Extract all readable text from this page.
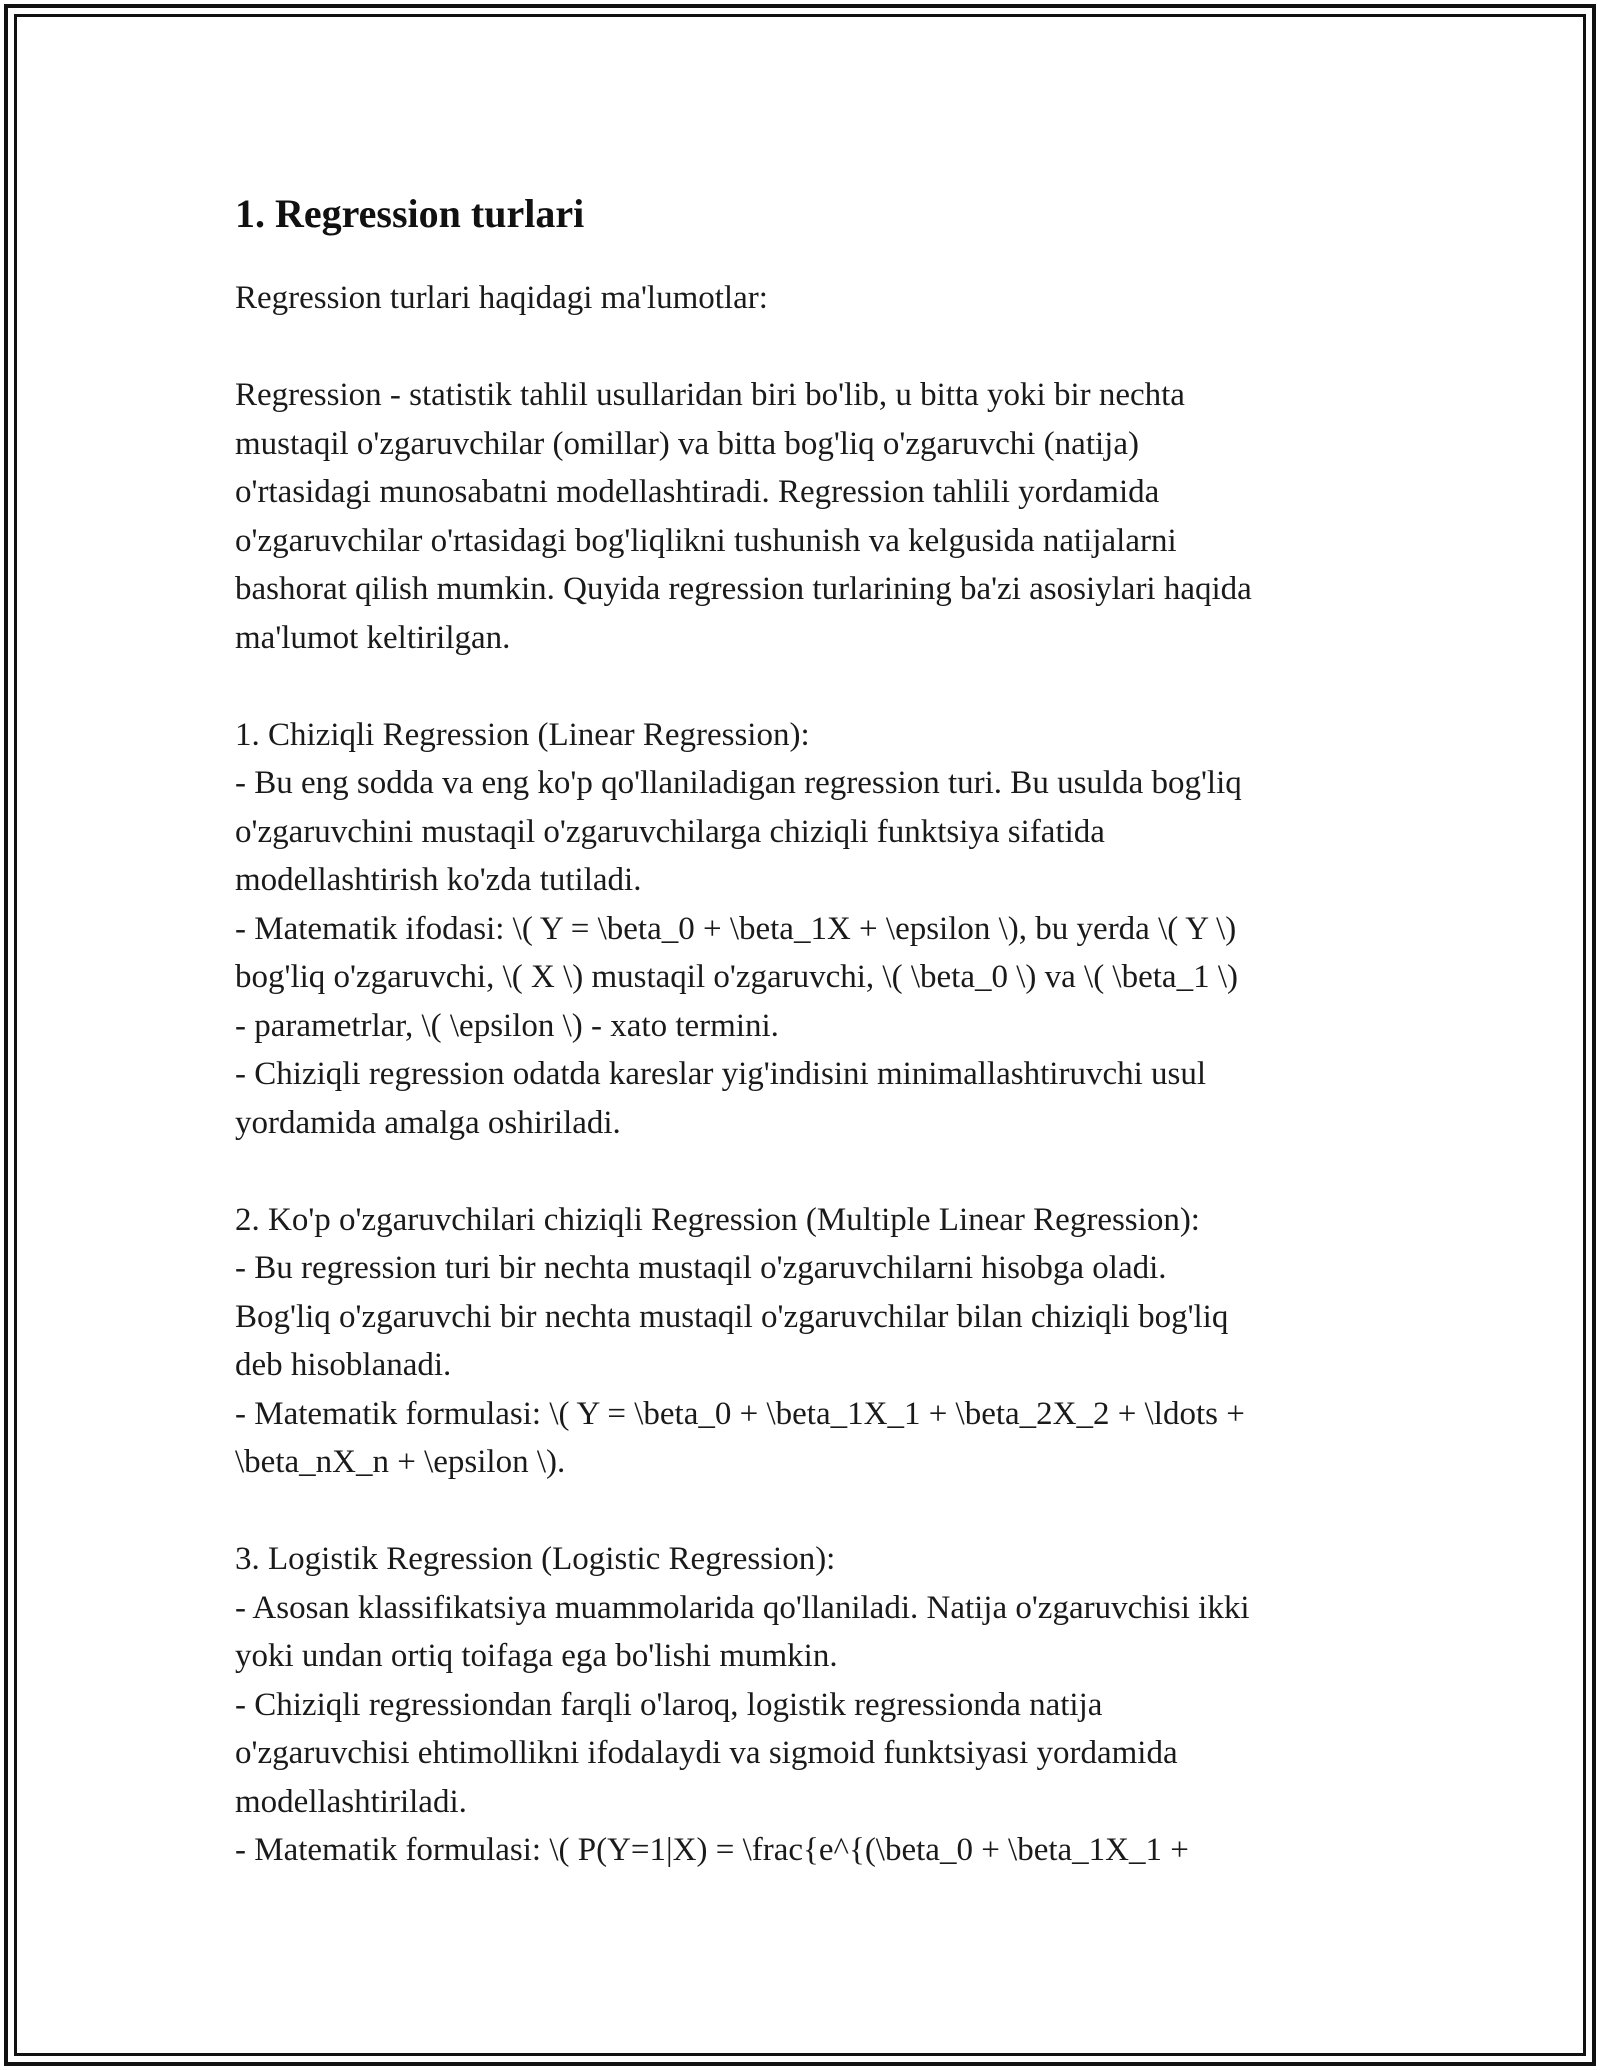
1. Regression turlari

Regression turlari haqidagi ma'lumotlar:

Regression - statistik tahlil usullaridan biri bo'lib, u bitta yoki bir nechta
mustaqil o'zgaruvchilar (omillar) va bitta bog'liq o'zgaruvchi (natija)
o'rtasidagi munosabatni modellashtiradi. Regression tahlili yordamida
o'zgaruvchilar o'rtasidagi bog'liqlikni tushunish va kelgusida natijalarni
bashorat qilish mumkin. Quyida regression turlarining ba'zi asosiylari haqida
ma'lumot keltirilgan.

1. Chiziqli Regression (Linear Regression):
- Bu eng sodda va eng ko'p qo'llaniladigan regression turi. Bu usulda bog'liq
o'zgaruvchini mustaqil o'zgaruvchilarga chiziqli funktsiya sifatida
modellashtirish ko'zda tutiladi.
- Matematik ifodasi: \( Y = \beta_0 + \beta_1X + \epsilon \), bu yerda \( Y \)
bog'liq o'zgaruvchi, \( X \) mustaqil o'zgaruvchi, \( \beta_0 \) va \( \beta_1 \)
- parametrlar, \( \epsilon \) - xato termini.
- Chiziqli regression odatda kareslar yig'indisini minimallashtiruvchi usul
yordamida amalga oshiriladi.

2. Ko'p o'zgaruvchilari chiziqli Regression (Multiple Linear Regression):
- Bu regression turi bir nechta mustaqil o'zgaruvchilarni hisobga oladi.
Bog'liq o'zgaruvchi bir nechta mustaqil o'zgaruvchilar bilan chiziqli bog'liq
deb hisoblanadi.
- Matematik formulasi: \( Y = \beta_0 + \beta_1X_1 + \beta_2X_2 + \ldots +
\beta_nX_n + \epsilon \).

3. Logistik Regression (Logistic Regression):
- Asosan klassifikatsiya muammolarida qo'llaniladi. Natija o'zgaruvchisi ikki
yoki undan ortiq toifaga ega bo'lishi mumkin.
- Chiziqli regressiondan farqli o'laroq, logistik regressionda natija
o'zgaruvchisi ehtimollikni ifodalaydi va sigmoid funktsiyasi yordamida
modellashtiriladi.
- Matematik formulasi: \( P(Y=1|X) = \frac{e^{(\beta_0 + \beta_1X_1 +
